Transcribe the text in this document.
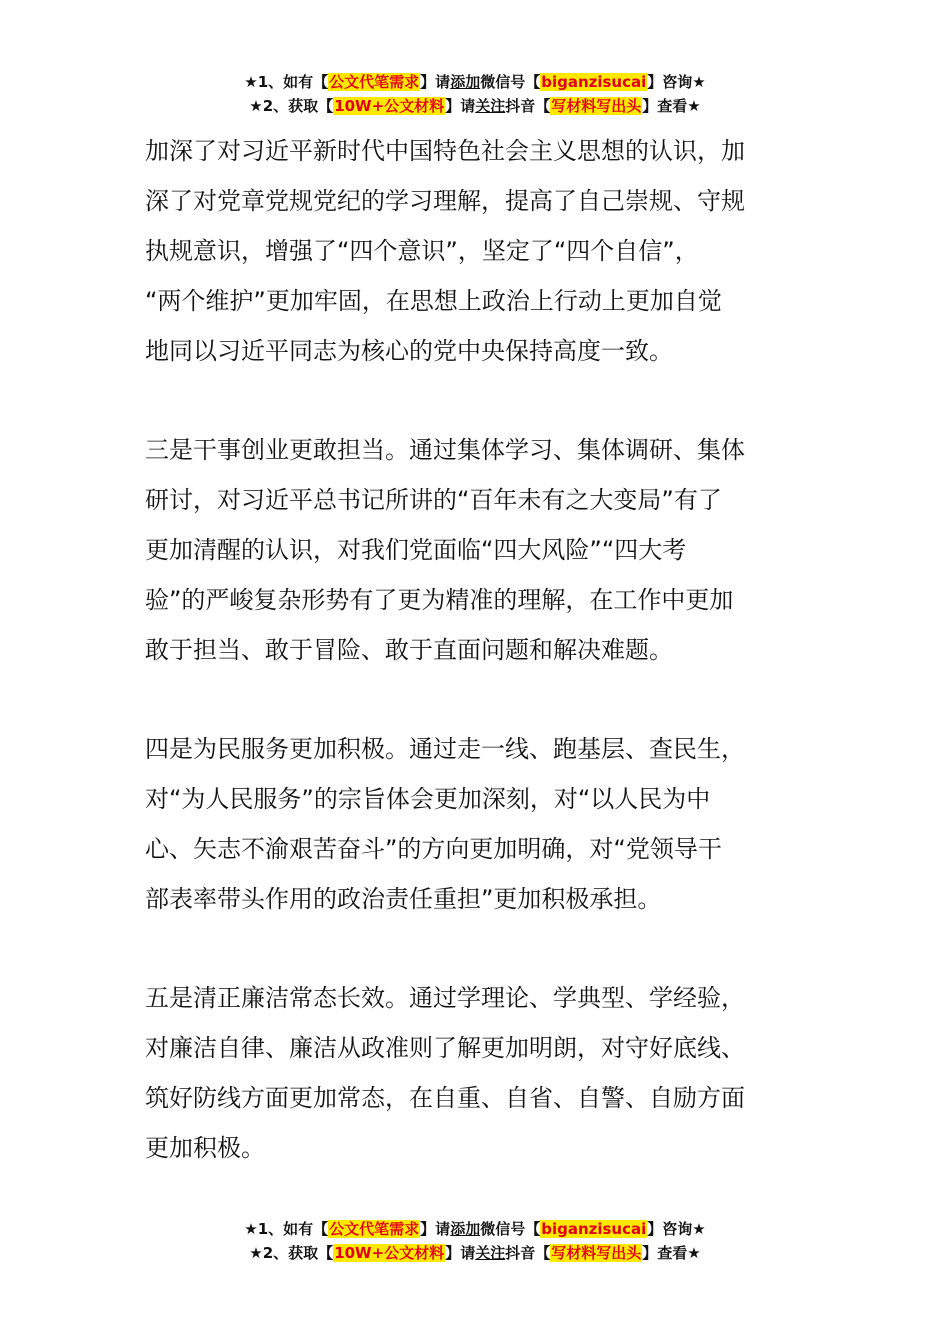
★1、如有【公文代笔需求】请添加微信号【biganzisucai】咨询★
★2、获取【10W+公文材料】请关注抖音【写材料写出头】查看★

加深了对习近平新时代中国特色社会主义思想的认识，加
深了对党章党规党纪的学习理解，提高了自己崇规、守规
执规意识，增强了“四个意识”，坚定了“四个自信”，
“两个维护”更加牢固，在思想上政治上行动上更加自觉
地同以习近平同志为核心的党中央保持高度一致。

三是干事创业更敢担当。通过集体学习、集体调研、集体
研讨，对习近平总书记所讲的“百年未有之大变局”有了
更加清醒的认识，对我们党面临“四大风险”“四大考
验”的严峻复杂形势有了更为精准的理解，在工作中更加
敢于担当、敢于冒险、敢于直面问题和解决难题。

四是为民服务更加积极。通过走一线、跑基层、查民生，
对“为人民服务”的宗旨体会更加深刻，对“以人民为中
心、矢志不渝艰苦奋斗”的方向更加明确，对“党领导干
部表率带头作用的政治责任重担”更加积极承担。

五是清正廉洁常态长效。通过学理论、学典型、学经验，
对廉洁自律、廉洁从政准则了解更加明朗，对守好底线、
筑好防线方面更加常态，在自重、自省、自警、自励方面
更加积极。

★1、如有【公文代笔需求】请添加微信号【biganzisucai】咨询★
★2、获取【10W+公文材料】请关注抖音【写材料写出头】查看★
